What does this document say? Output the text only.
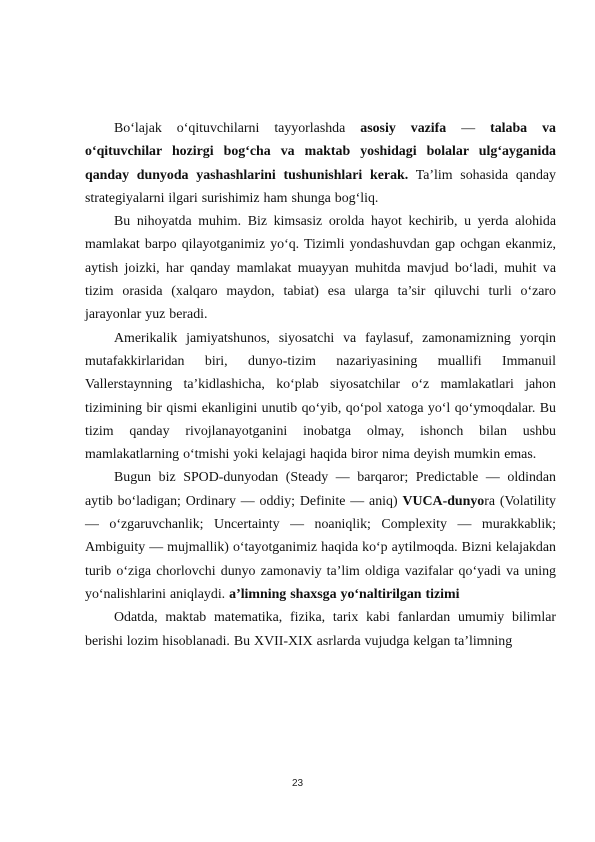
Bo‘lajak o‘qituvchilarni tayyorlashda asosiy vazifa — talaba va o‘qituvchilar hozirgi bog‘cha va maktab yoshidagi bolalar ulg‘ayganida qanday dunyoda yashashlarini tushunishlari kerak. Ta’lim sohasida qanday strategiyalarni ilgari surishimiz ham shunga bog‘liq.

Bu nihoyatda muhim. Biz kimsasiz orolda hayot kechirib, u yerda alohida mamlakat barpo qilayotganimiz yo‘q. Tizimli yondashuvdan gap ochgan ekanmiz, aytish joizki, har qanday mamlakat muayyan muhitda mavjud bo‘ladi, muhit va tizim orasida (xalqaro maydon, tabiat) esa ularga ta’sir qiluvchi turli o‘zaro jarayonlar yuz beradi.

Amerikalik jamiyatshunos, siyosatchi va faylasuf, zamonamizning yorqin mutafakkirlaridan biri, dunyo-tizim nazariyasining muallifi Immanuil Vallerstaynning ta’kidlashicha, ko‘plab siyosatchilar o‘z mamlakatlari jahon tizimining bir qismi ekanligini unutib qo‘yib, qo‘pol xatoga yo‘l qo‘ymoqdalar. Bu tizim qanday rivojlanayotganini inobatga olmay, ishonch bilan ushbu mamlakatlarning o‘tmishi yoki kelajagi haqida biror nima deyish mumkin emas.

Bugun biz SPOD-dunyodan (Steady — barqaror; Predictable — oldindan aytib bo‘ladigan; Ordinary — oddiy; Definite — aniq) VUCA-dunyora (Volatility — o‘zgaruvchanlik; Uncertainty — noaniqlik; Complexity — murakkablik; Ambiguity — mujmallik) o‘tayotganimiz haqida ko‘p aytilmoqda. Bizni kelajakdan turib o‘ziga chorlovchi dunyo zamonaviy ta’lim oldiga vazifalar qo‘yadi va uning yo‘nalishlarini aniqlaydi. a’limning shaxsga yo‘naltirilgan tizimi

Odatda, maktab matematika, fizika, tarix kabi fanlardan umumiy bilimlar berishi lozim hisoblanadi. Bu XVII-XIX asrlarda vujudga kelgan ta’limning

23
